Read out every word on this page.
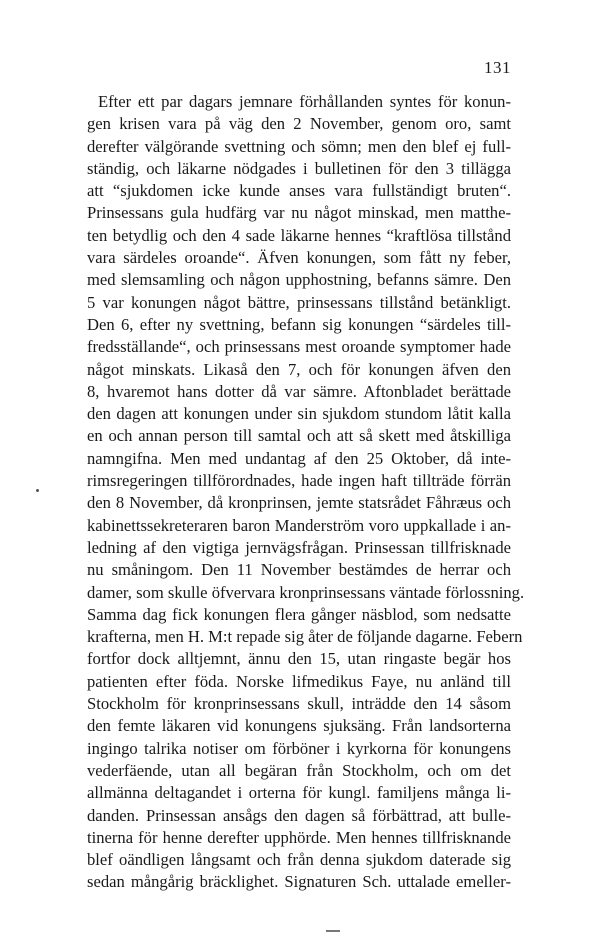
131
Efter ett par dagars jemnare förhållanden syntes för konun-
gen krisen vara på väg den 2 November, genom oro, samt
derefter välgörande svettning och sömn; men den blef ej full-
ständig, och läkarne nödgades i bulletinen för den 3 tillägga
att “sjukdomen icke kunde anses vara fullständigt bruten“.
Prinsessans gula hudfärg var nu något minskad, men matthe-
ten betydlig och den 4 sade läkarne hennes “kraftlösa tillstånd
vara särdeles oroande“. Äfven konungen, som fått ny feber,
med slemsamling och någon upphostning, befanns sämre. Den
5 var konungen något bättre, prinsessans tillstånd betänkligt.
Den 6, efter ny svettning, befann sig konungen “särdeles till-
fredsställande“, och prinsessans mest oroande symptomer hade
något minskats. Likaså den 7, och för konungen äfven den
8, hvaremot hans dotter då var sämre. Aftonbladet berättade
den dagen att konungen under sin sjukdom stundom låtit kalla
en och annan person till samtal och att så skett med åtskilliga
namngifna. Men med undantag af den 25 Oktober, då inte-
rimsregeringen tillförordnades, hade ingen haft tillträde förrän
den 8 November, då kronprinsen, jemte statsrådet Fåhræus och
kabinettssekreteraren baron Manderström voro uppkallade i an-
ledning af den vigtiga jernvägsfrågan. Prinsessan tillfrisknade
nu småningom. Den 11 November bestämdes de herrar och
damer, som skulle öfvervara kronprinsessans väntade förlossning.
Samma dag fick konungen flera gånger näsblod, som nedsatte
krafterna, men H. M:t repade sig åter de följande dagarne. Febern
fortfor dock alltjemnt, ännu den 15, utan ringaste begär hos
patienten efter föda. Norske lifmedikus Faye, nu anländ till
Stockholm för kronprinsessans skull, inträdde den 14 såsom
den femte läkaren vid konungens sjuksäng. Från landsorterna
ingingo talrika notiser om förböner i kyrkorna för konungens
vederfäende, utan all begäran från Stockholm, och om det
allmänna deltagandet i orterna för kungl. familjens många li-
danden. Prinsessan ansågs den dagen så förbättrad, att bulle-
tinerna för henne derefter upphörde. Men hennes tillfrisknande
blef oändligen långsamt och från denna sjukdom daterade sig
sedan mångårig bräcklighet. Signaturen Sch. uttalade emeller-
